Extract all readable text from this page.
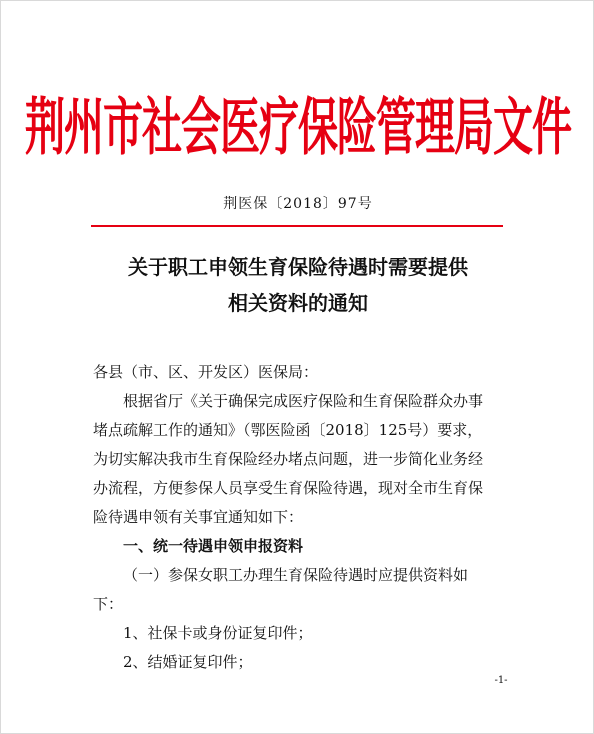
荆州市社会医疗保险管理局文件
荆医保〔2018〕97号
关于职工申领生育保险待遇时需要提供
相关资料的通知
各县（市、区、开发区）医保局：
根据省厅《关于确保完成医疗保险和生育保险群众办事
堵点疏解工作的通知》（鄂医险函〔2018〕125号）要求，
为切实解决我市生育保险经办堵点问题，进一步简化业务经
办流程，方便参保人员享受生育保险待遇，现对全市生育保
险待遇申领有关事宜通知如下：
一、统一待遇申领申报资料
（一）参保女职工办理生育保险待遇时应提供资料如
下：
1、社保卡或身份证复印件；
2、结婚证复印件；
-1-
